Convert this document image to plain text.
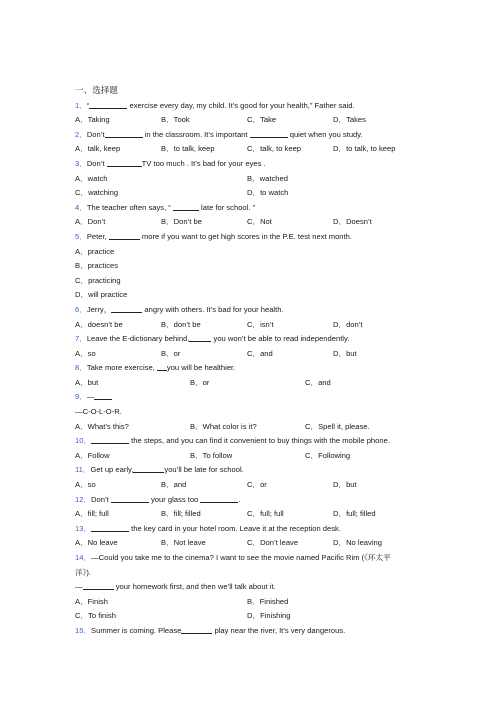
一、选择题
1．“	exercise every day, my child. It’s good for your health,” Father said.
A．Taking	B．Took	C．Take	D．Takes
2．Don’t	in the classroom. It’s important	quiet when you study.
A．talk, keep	B．to talk, keep	C．talk, to keep	D．to talk, to keep
3．Don’t	TV too much . It’s bad for your eyes .
A．watch	B．watched
C．watching	D．to watch
4．The teacher often says, “	late for school. ”
A．Don’t	B．Don’t be	C．Not	D．Doesn’t
5．Peter,	more if you want to get high scores in the P.E. test next month.
A．practice
B．practices
C．practicing
D．will practice
6．Jerry，	angry with others. It’s bad for your health.
A．doesn’t be	B．don’t be	C．isn’t	D．don’t
7．Leave the E-dictionary behind,	you won’t be able to read independently.
A．so	B．or	C．and	D．but
8．Take more exercise, you will be healthier.
A．but	B．or	C．and
9．—
—C-O-L-O-R.
A．What’s this?	B．What color is it?	C．Spell it, please.
10．	the steps, and you can find it convenient to buy things with the mobile phone.
A．Follow	B．To follow	C．Following
11．Get up early,	you’ll be late for school.
A．so	B．and	C．or	D．but
12．Don’t	your glass too	.
A．fill; full	B．fill; filled	C．full; full	D．full; filled
13．	the key card in your hotel room. Leave it at the reception desk.
A．No leave	B．Not leave	C．Don’t leave	D．No leaving
14．—Could you take me to the cinema? I want to see the movie named Pacific Rim (《环太平
洋》).
—	your homework first, and then we’ll talk about it.
A．Finish	B．Finished
C．To finish	D．Finishing
15．Summer is coming. Please	play near the river, It’s very dangerous.
